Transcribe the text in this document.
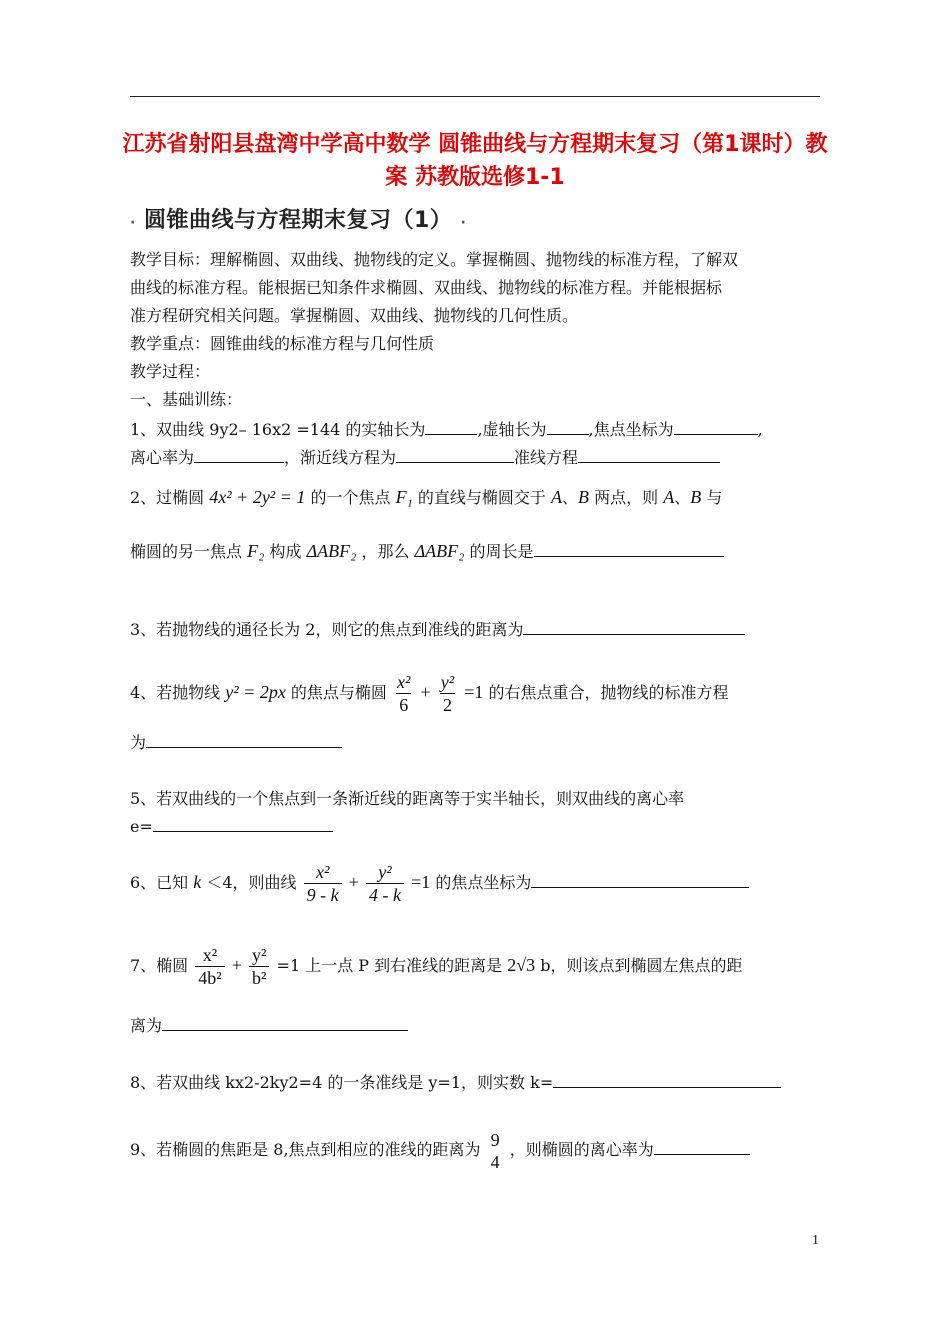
江苏省射阳县盘湾中学高中数学 圆锥曲线与方程期末复习（第1课时）教案 苏教版选修1-1
· 圆锥曲线与方程期末复习（1） ·
教学目标：理解椭圆、双曲线、抛物线的定义。掌握椭圆、抛物线的标准方程，了解双
曲线的标准方程。能根据已知条件求椭圆、双曲线、抛物线的标准方程。并能根据标
准方程研究相关问题。掌握椭圆、双曲线、抛物线的几何性质。
教学重点：圆锥曲线的标准方程与几何性质
教学过程：
一、基础训练：
1、双曲线 9y2– 16x2 =144 的实轴长为	,虚轴长为	,焦点坐标为	,
离心率为	，渐近线方程为	准线方程
2、过椭圆 4x² + 2y² = 1 的一个焦点 F₁ 的直线与椭圆交于 A、B 两点，则 A、B 与
椭圆的另一焦点 F₂ 构成 ΔABF₂ ，那么 ΔABF₂ 的周长是
3、若抛物线的通径长为 2，则它的焦点到准线的距离为
4、若抛物线 y² = 2px 的焦点与椭圆 $\frac{\text{x²}}{6} + \frac{\text{y²}}{2} =1$ 的右焦点重合，抛物线的标准方程
为
5、若双曲线的一个焦点到一条渐近线的距离等于实半轴长，则双曲线的离心率
e=
6、已知 k ＜4，则曲线 $\frac{\text{x²}}{9 - k} + \frac{\text{y²}}{4 - k} =1$ 的焦点坐标为
7、椭圆 $\frac{\text{x²}}{\text{4b²}} + \frac{\text{y²}}{\text{b²}} =1$ 上一点 P 到右准线的距离是 2√3 b，则该点到椭圆左焦点的距
离为
8、若双曲线 kx2-2ky2=4 的一条准线是 y=1，则实数 k=
9、若椭圆的焦距是 8,焦点到相应的准线的距离为 9
4
，则椭圆的离心率为
1
